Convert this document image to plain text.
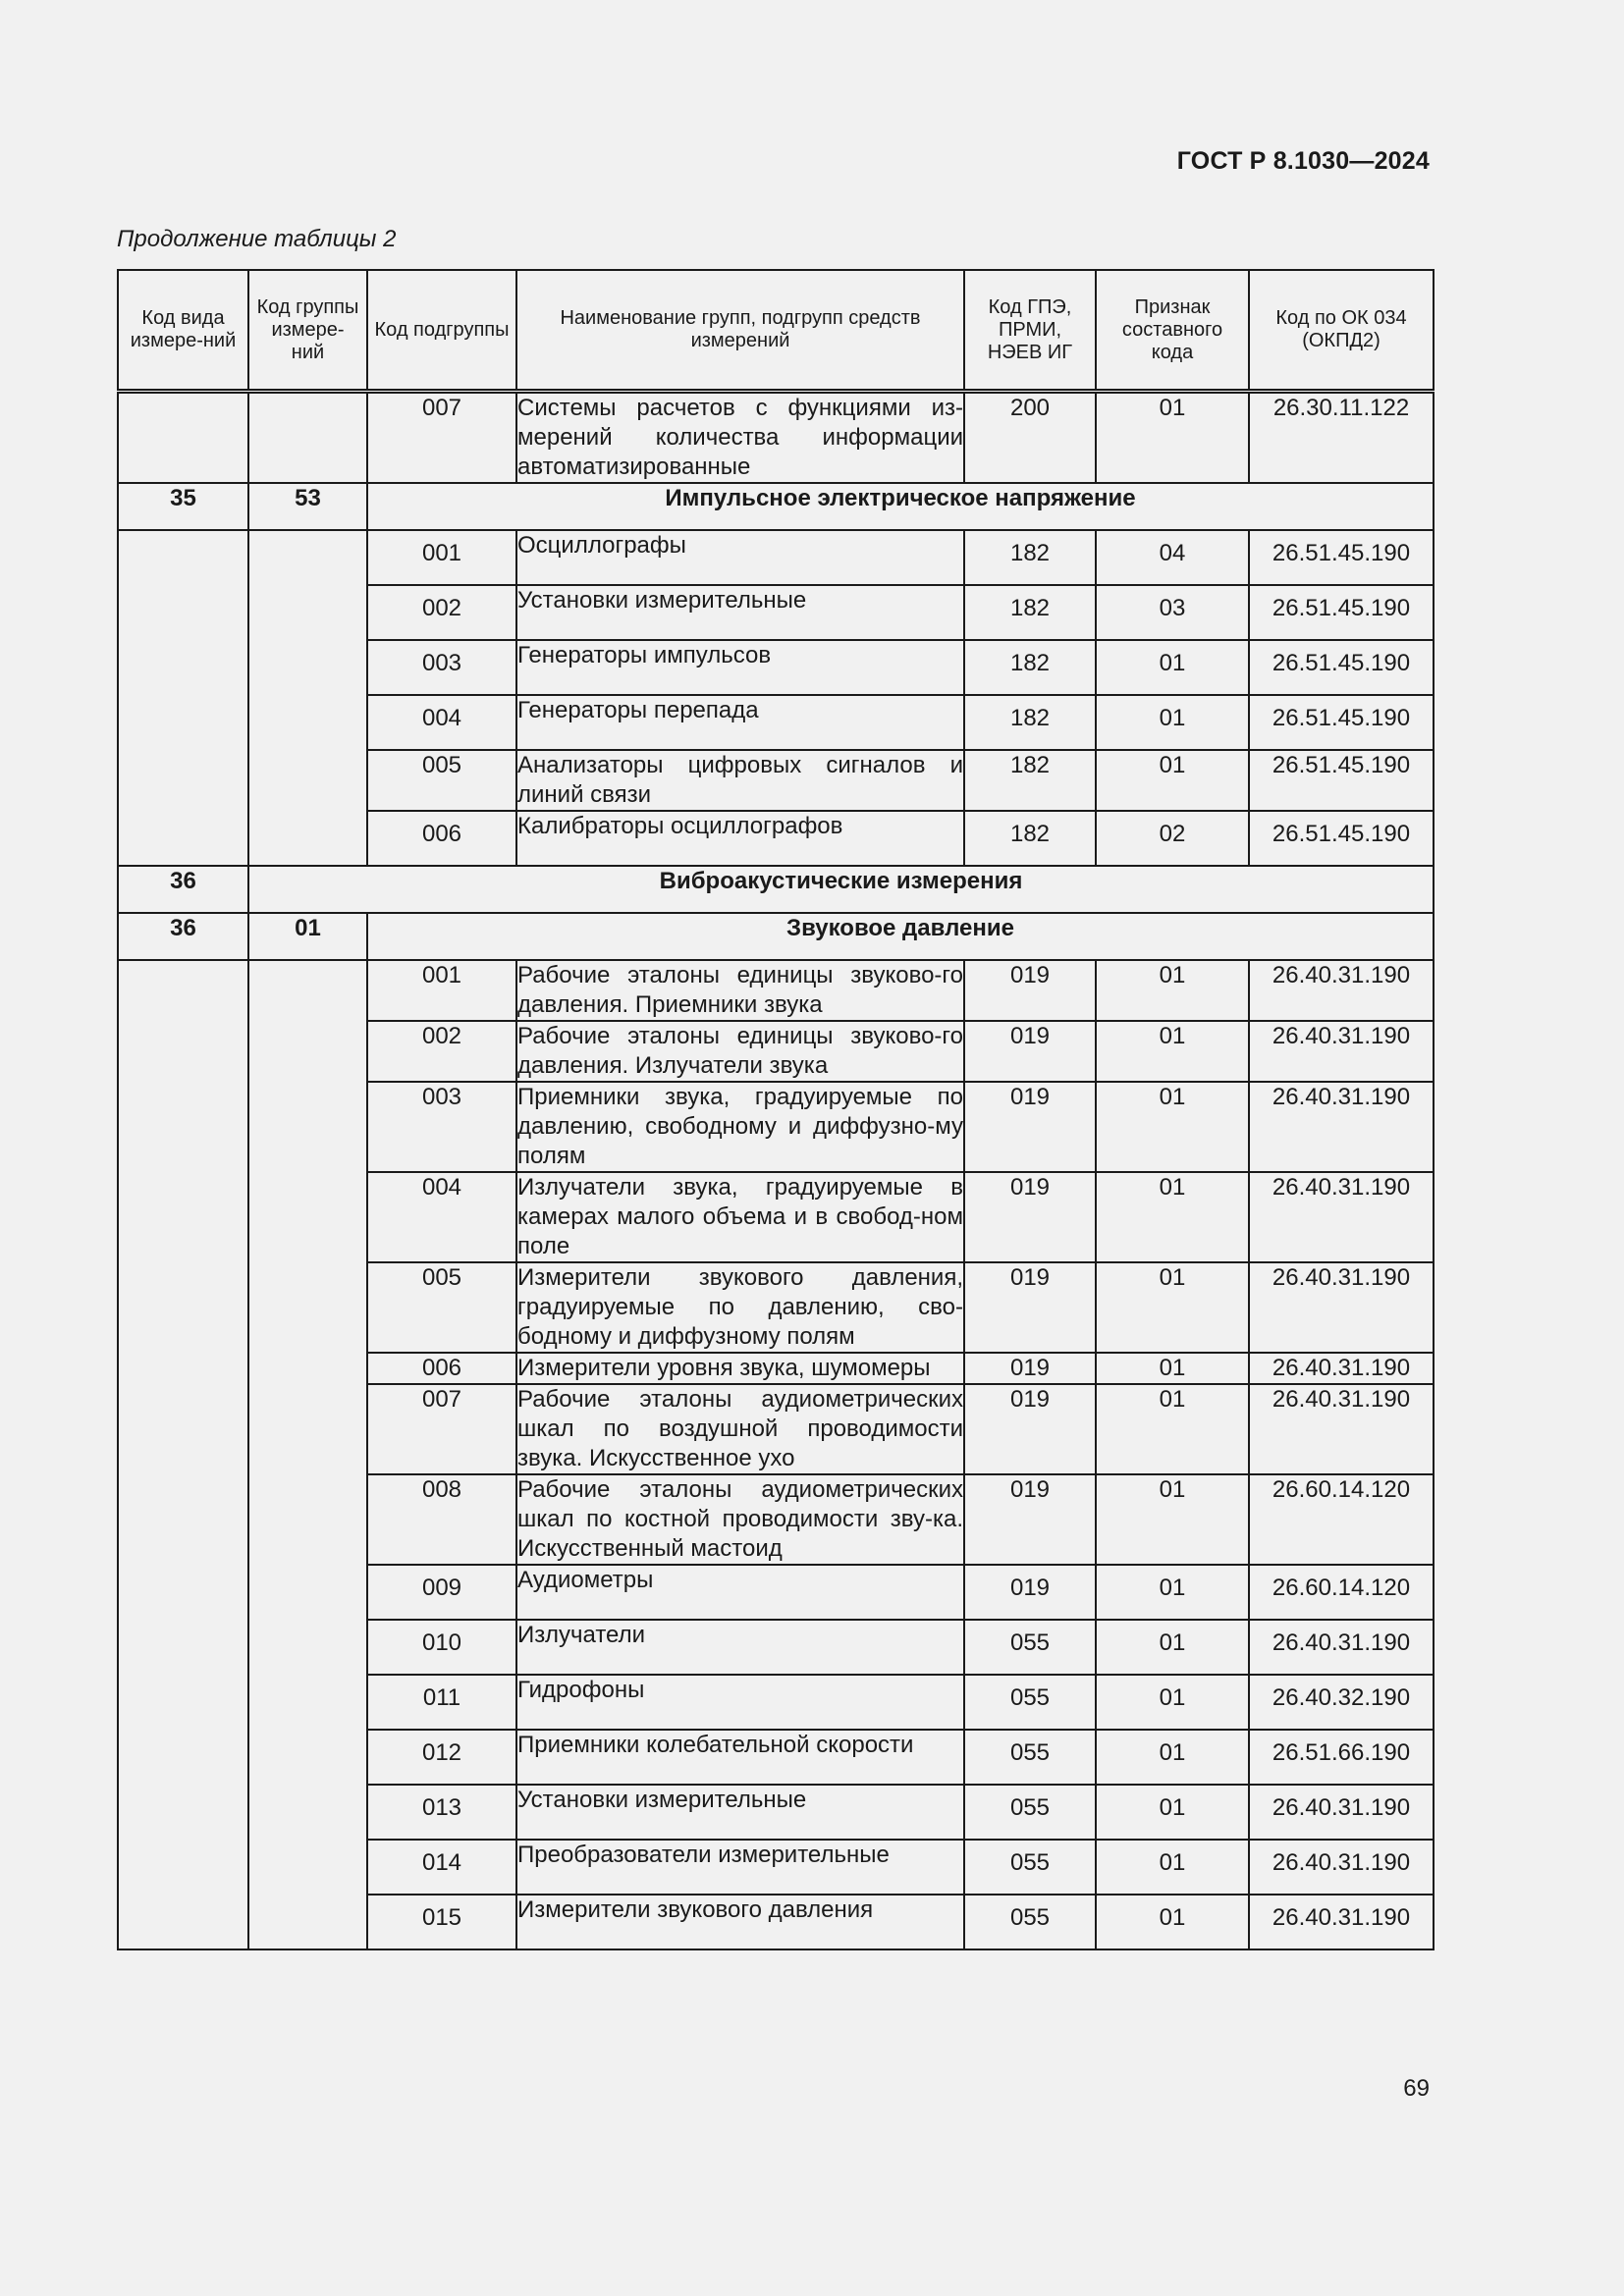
ГОСТ Р 8.1030—2024
Продолжение таблицы 2
Код вида измере-ний	Код группы измере-ний	Код подгруппы	Наименование групп, подгрупп средств измерений	Код ГПЭ, ПРМИ, НЭЕВ ИГ	Признак составного кода	Код по ОК 034 (ОКПД2)
		007	Системы расчетов с функциями из-мерений количества информации автоматизированные	200	01	26.30.11.122
35	53	Импульсное электрическое напряжение				
		001	Осциллографы	182	04	26.51.45.190
		002	Установки измерительные	182	03	26.51.45.190
		003	Генераторы импульсов	182	01	26.51.45.190
		004	Генераторы перепада	182	01	26.51.45.190
		005	Анализаторы цифровых сигналов и линий связи	182	01	26.51.45.190
		006	Калибраторы осциллографов	182	02	26.51.45.190
36	Виброакустические измерения					
36	01	Звуковое давление				
		001	Рабочие эталоны единицы звуково-го давления. Приемники звука	019	01	26.40.31.190
		002	Рабочие эталоны единицы звуково-го давления. Излучатели звука	019	01	26.40.31.190
		003	Приемники звука, градуируемые по давлению, свободному и диффузно-му полям	019	01	26.40.31.190
		004	Излучатели звука, градуируемые в камерах малого объема и в свобод-ном поле	019	01	26.40.31.190
		005	Измерители звукового давления, градуируемые по давлению, сво-бодному и диффузному полям	019	01	26.40.31.190
		006	Измерители уровня звука, шумомеры	019	01	26.40.31.190
		007	Рабочие эталоны аудиометрических шкал по воздушной проводимости звука. Искусственное ухо	019	01	26.40.31.190
		008	Рабочие эталоны аудиометрических шкал по костной проводимости зву-ка. Искусственный мастоид	019	01	26.60.14.120
		009	Аудиометры	019	01	26.60.14.120
		010	Излучатели	055	01	26.40.31.190
		011	Гидрофоны	055	01	26.40.32.190
		012	Приемники колебательной скорости	055	01	26.51.66.190
		013	Установки измерительные	055	01	26.40.31.190
		014	Преобразователи измерительные	055	01	26.40.31.190
		015	Измерители звукового давления	055	01	26.40.31.190
69
